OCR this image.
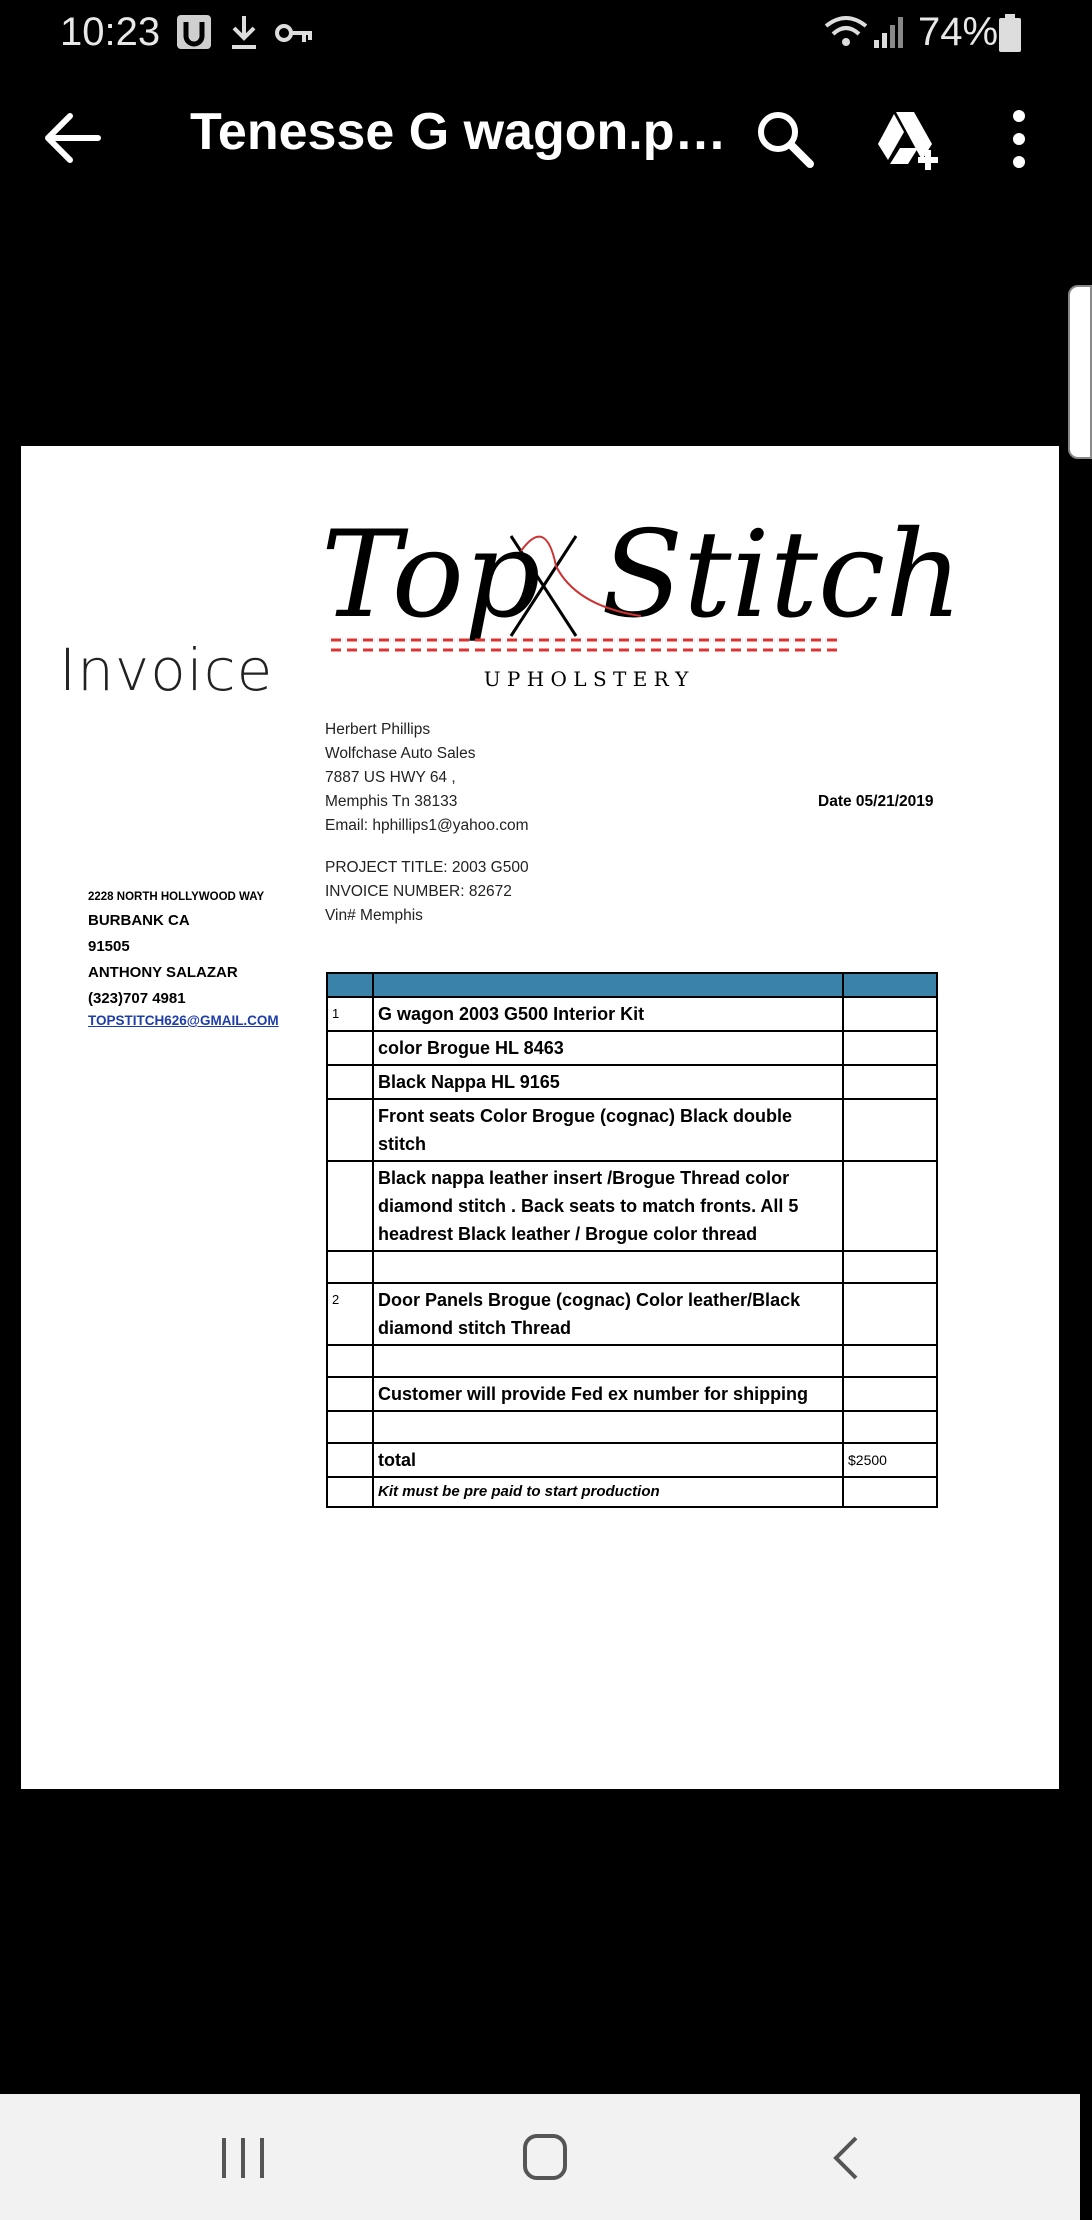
10:23	74%
Tenesse G wagon.p…
Invoice
Top Stitch
U P H O L S T E R Y
Herbert Phillips
Wolfchase Auto Sales
7887 US HWY 64 ,
Memphis Tn 38133
Email: hphillips1@yahoo.com
Date 05/21/2019
PROJECT TITLE: 2003 G500
INVOICE NUMBER: 82672
Vin# Memphis
2228 NORTH HOLLYWOOD WAY
BURBANK CA
91505
ANTHONY SALAZAR
(323)707 4981
TOPSTITCH626@GMAIL.COM
			1	G wagon 2003 G500 Interior Kit	
	color Brogue HL 8463	
	Black Nappa HL 9165	
	Front seats Color Brogue (cognac) Black double stitch	
	Black nappa leather insert /Brogue Thread color diamond stitch . Back seats to match fronts. All 5 headrest Black leather / Brogue color thread	

2	Door Panels Brogue (cognac) Color leather/Black diamond stitch Thread	

	Customer will provide Fed ex number for shipping	

	total	$2500
	Kit must be pre paid to start production	
